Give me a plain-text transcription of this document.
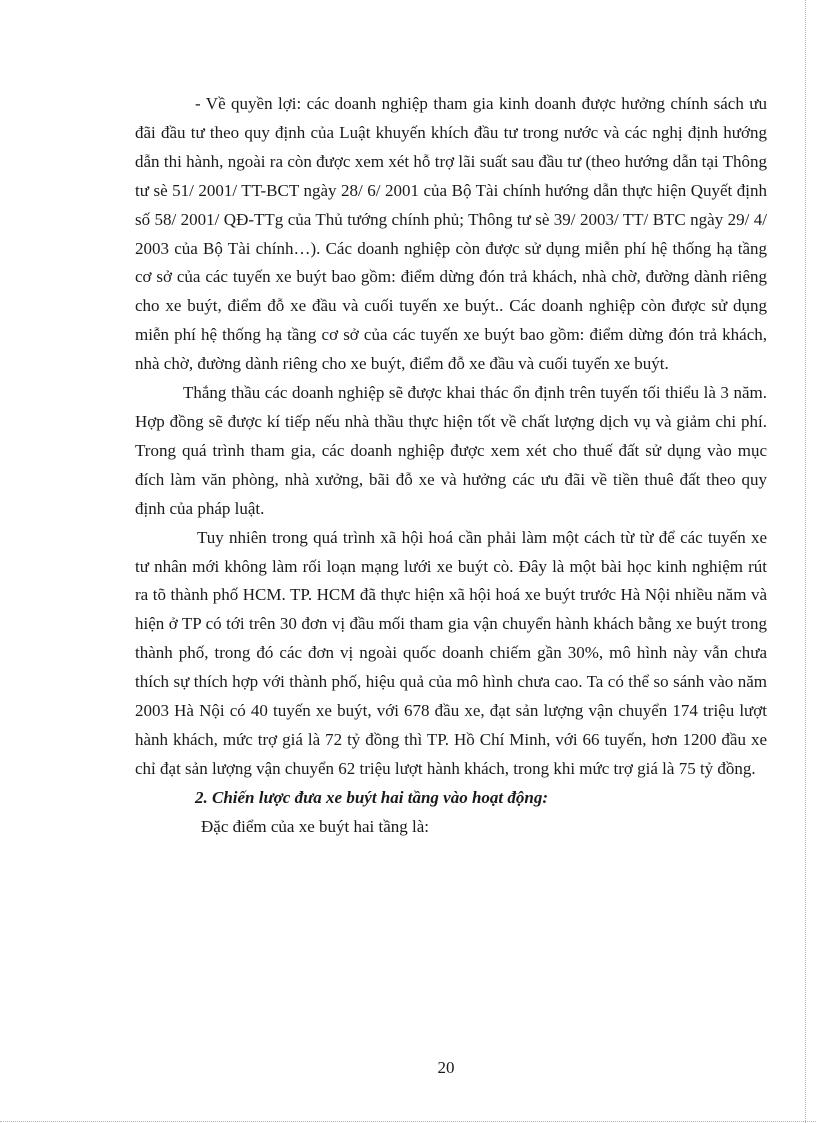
- Về quyền lợi: các doanh nghiệp tham gia kinh doanh được hưởng chính sách ưu đãi đầu tư theo quy định của Luật khuyến khích đầu tư trong nước và các nghị định hướng dẫn thi hành, ngoài ra còn được xem xét hỗ trợ lãi suất sau đầu tư (theo hướng dẫn tại Thông tư sè 51/ 2001/ TT-BCT ngày 28/ 6/ 2001 của Bộ Tài chính hướng dẫn thực hiện Quyết định số 58/ 2001/ QĐ-TTg của Thủ tướng chính phủ; Thông tư sè 39/ 2003/ TT/ BTC ngày 29/ 4/ 2003 của Bộ Tài chính…). Các doanh nghiệp còn được sử dụng miễn phí hệ thống hạ tầng cơ sở của các tuyến xe buýt bao gồm: điểm dừng đón trả khách, nhà chờ, đường dành riêng cho xe buýt, điểm đỗ xe đầu và cuối tuyến xe buýt.. Các doanh nghiệp còn được sử dụng miễn phí hệ thống hạ tầng cơ sở của các tuyến xe buýt bao gồm: điểm dừng đón trả khách, nhà chờ, đường dành riêng cho xe buýt, điểm đỗ xe đầu và cuối tuyến xe buýt.

Thắng thầu các doanh nghiệp sẽ được khai thác ổn định trên tuyến tối thiểu là 3 năm. Hợp đồng sẽ được kí tiếp nếu nhà thầu thực hiện tốt về chất lượng dịch vụ và giảm chi phí. Trong quá trình tham gia, các doanh nghiệp được xem xét cho thuế đất sử dụng vào mục đích làm văn phòng, nhà xưởng, bãi đỗ xe và hưởng các ưu đãi về tiền thuê đất theo quy định của pháp luật.

Tuy nhiên trong quá trình xã hội hoá cần phải làm một cách từ từ để các tuyến xe tư nhân mới không làm rối loạn mạng lưới xe buýt cò. Đây là một bài học kinh nghiệm rút ra tõ thành phố HCM. TP. HCM đã thực hiện xã hội hoá xe buýt trước Hà Nội nhiều năm và hiện ở TP có tới trên 30 đơn vị đầu mối tham gia vận chuyển hành khách bằng xe buýt trong thành phố, trong đó các đơn vị ngoài quốc doanh chiếm gần 30%, mô hình này vẫn chưa thích sự thích hợp với thành phố, hiệu quả của mô hình chưa cao. Ta có thể so sánh vào năm 2003 Hà Nội có 40 tuyến xe buýt, với 678 đầu xe, đạt sản lượng vận chuyển 174 triệu lượt hành khách, mức trợ giá là 72 tỷ đồng thì TP. Hồ Chí Minh, với 66 tuyến, hơn 1200 đầu xe chỉ đạt sản lượng vận chuyển 62 triệu lượt hành khách, trong khi mức trợ giá là 75 tỷ đồng.

2. Chiến lược đưa xe buýt hai tầng vào hoạt động:

Đặc điểm của xe buýt hai tầng là:

20
